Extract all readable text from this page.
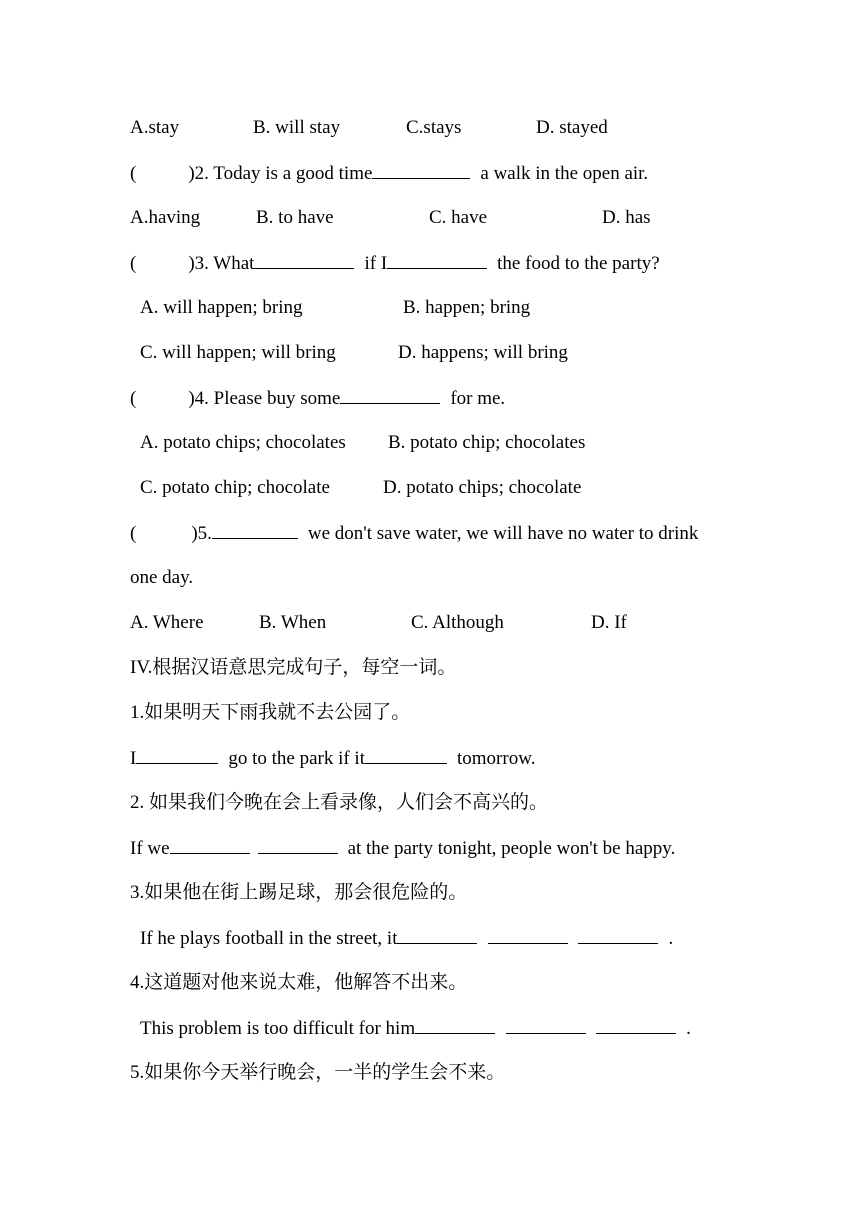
A.stay	B. will stay	C.stays	D. stayed
(	)2. Today is a good time	a walk in the open air.
A.having	B. to have	C. have	D. has
(	)3. What	if I	the food to the party?
A. will happen; bring	B. happen; bring
C. will happen; will bring	D. happens; will bring
(	)4. Please buy some	for me.
A. potato chips; chocolates B. potato chip; chocolates
C. potato chip; chocolate	D. potato chips; chocolate
(	)5.	we don't save water, we will have no water to drink
one day.
A. Where	B. When	C. Although	D. If
IV.根据汉语意思完成句子，每空一词。
1.如果明天下雨我就不去公园了。
I	go to the park if it	tomorrow.
2. 如果我们今晚在会上看录像，人们会不高兴的。
If we	at the party tonight, people won't be happy.
3.如果他在街上踢足球，那会很危险的。
If he plays football in the street, it	.
4.这道题对他来说太难，他解答不出来。
This problem is too difficult for him	.
5.如果你今天举行晚会，一半的学生会不来。
